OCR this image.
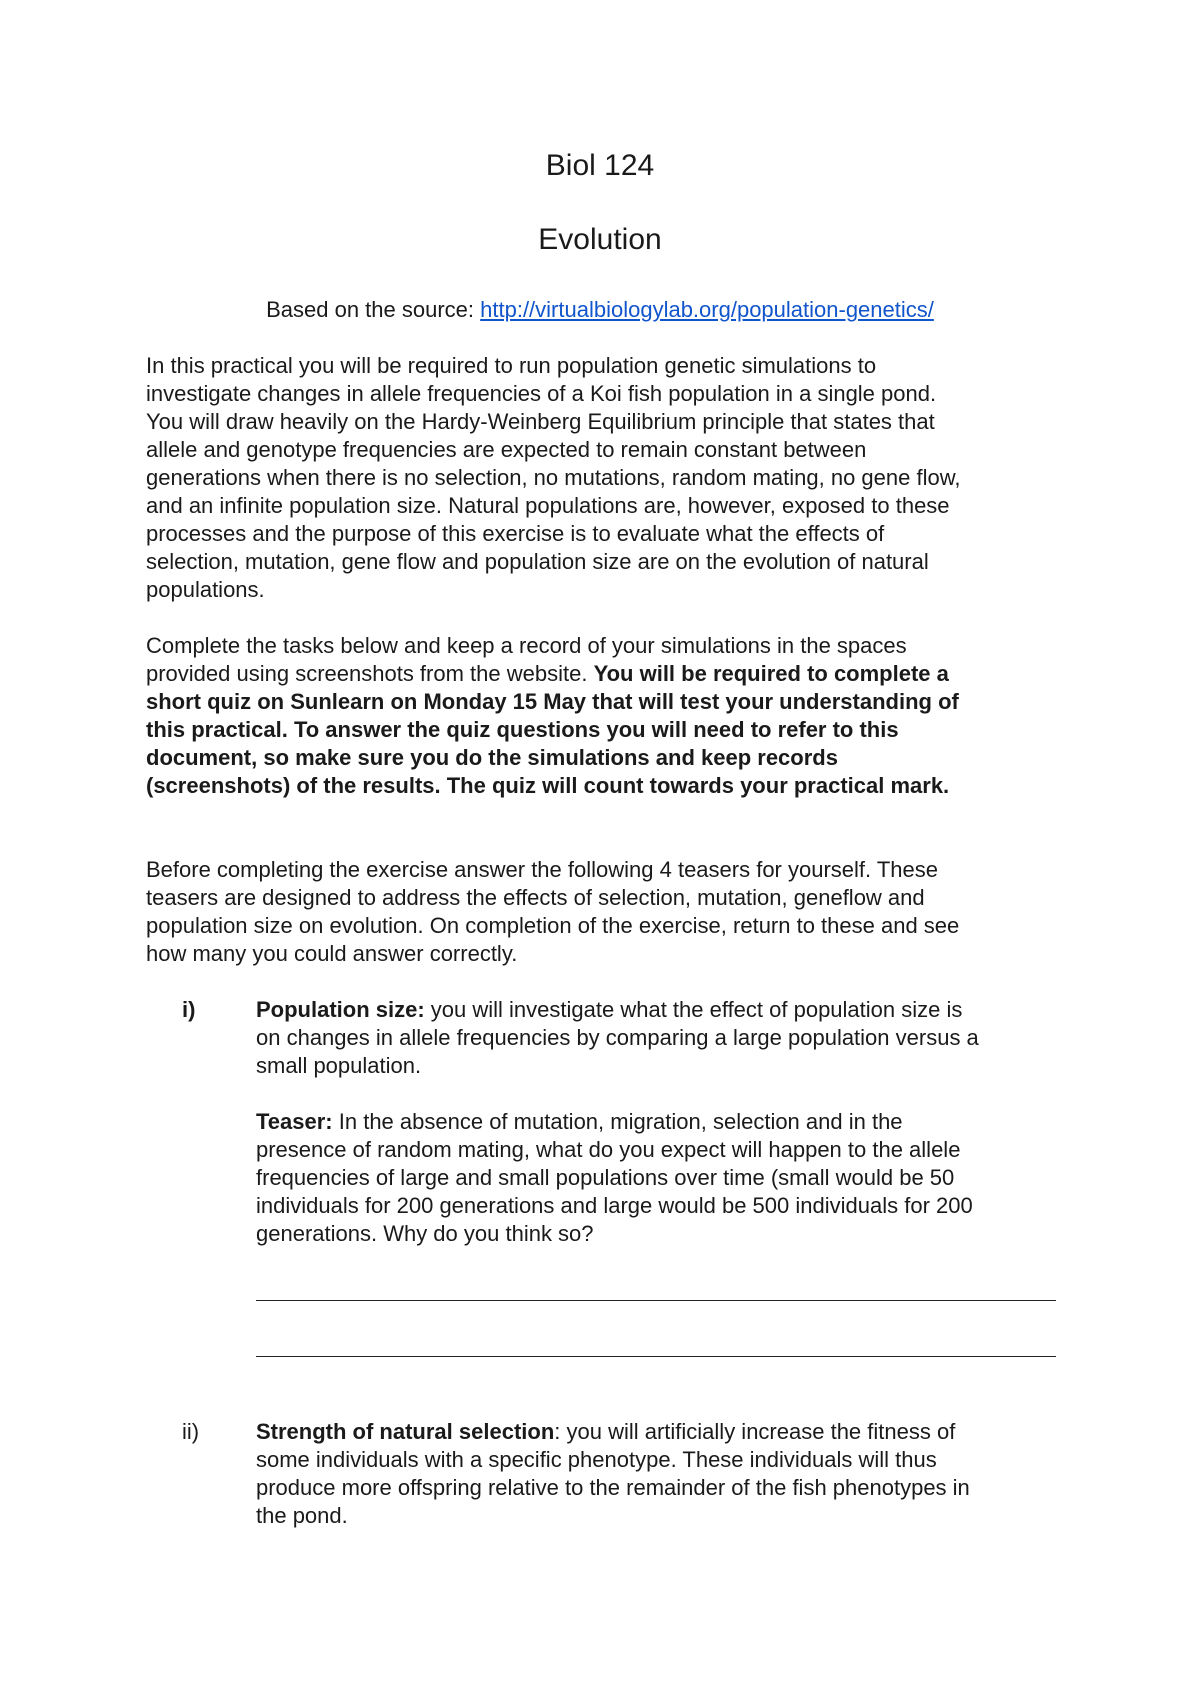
Biol 124
Evolution
Based on the source: http://virtualbiologylab.org/population-genetics/
In this practical you will be required to run population genetic simulations to
investigate changes in allele frequencies of a Koi fish population in a single pond.
You will draw heavily on the Hardy-Weinberg Equilibrium principle that states that
allele and genotype frequencies are expected to remain constant between
generations when there is no selection, no mutations, random mating, no gene flow,
and an infinite population size. Natural populations are, however, exposed to these
processes and the purpose of this exercise is to evaluate what the effects of
selection, mutation, gene flow and population size are on the evolution of natural
populations.
Complete the tasks below and keep a record of your simulations in the spaces
provided using screenshots from the website. You will be required to complete a
short quiz on Sunlearn on Monday 15 May that will test your understanding of
this practical. To answer the quiz questions you will need to refer to this
document, so make sure you do the simulations and keep records
(screenshots) of the results. The quiz will count towards your practical mark.
Before completing the exercise answer the following 4 teasers for yourself. These
teasers are designed to address the effects of selection, mutation, geneflow and
population size on evolution. On completion of the exercise, return to these and see
how many you could answer correctly.
i)	Population size: you will investigate what the effect of population size is
on changes in allele frequencies by comparing a large population versus a
small population.
Teaser: In the absence of mutation, migration, selection and in the
presence of random mating, what do you expect will happen to the allele
frequencies of large and small populations over time (small would be 50
individuals for 200 generations and large would be 500 individuals for 200
generations. Why do you think so?
ii)	Strength of natural selection: you will artificially increase the fitness of
some individuals with a specific phenotype. These individuals will thus
produce more offspring relative to the remainder of the fish phenotypes in
the pond.
